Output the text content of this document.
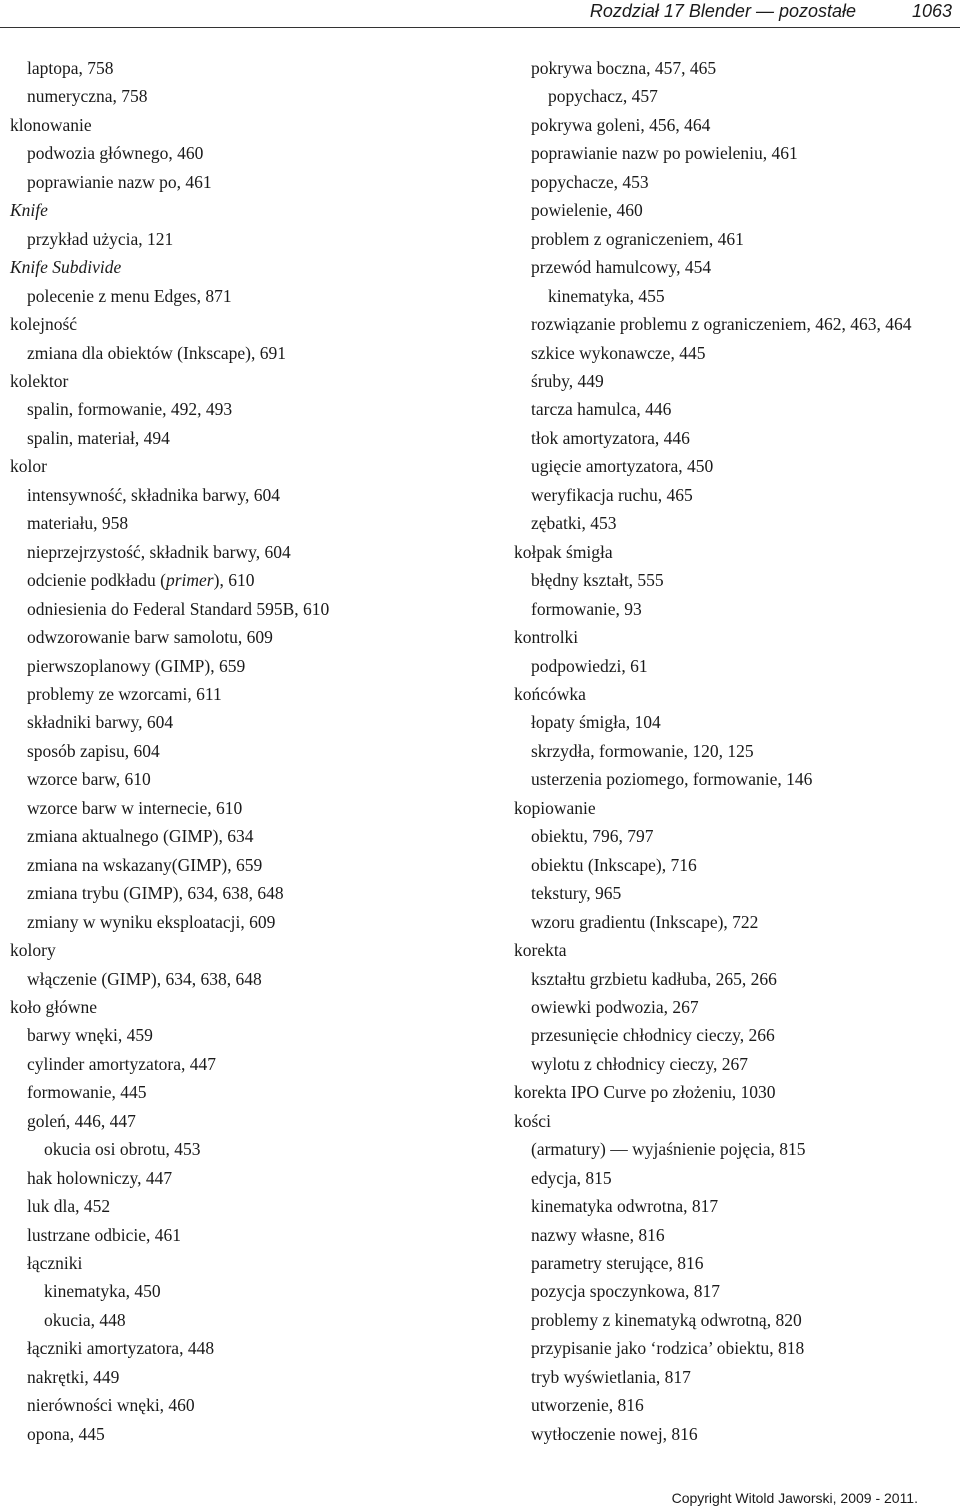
Rozdział 17 Blender — pozostałe	1063
laptopa, 758
numeryczna, 758
klonowanie
podwozia głównego, 460
poprawianie nazw po, 461
Knife
przykład użycia, 121
Knife Subdivide
polecenie z menu Edges, 871
kolejność
zmiana dla obiektów (Inkscape), 691
kolektor
spalin, formowanie, 492, 493
spalin, materiał, 494
kolor
intensywność, składnika barwy, 604
materiału, 958
nieprzejrzystość, składnik barwy, 604
odcienie podkładu (primer), 610
odniesienia do Federal Standard 595B, 610
odwzorowanie barw samolotu, 609
pierwszoplanowy (GIMP), 659
problemy ze wzorcami, 611
składniki barwy, 604
sposób zapisu, 604
wzorce barw, 610
wzorce barw w internecie, 610
zmiana aktualnego (GIMP), 634
zmiana na wskazany(GIMP), 659
zmiana trybu (GIMP), 634, 638, 648
zmiany w wyniku eksploatacji, 609
kolory
włączenie (GIMP), 634, 638, 648
koło główne
barwy wnęki, 459
cylinder amortyzatora, 447
formowanie, 445
goleń, 446, 447
okucia osi obrotu, 453
hak holowniczy, 447
luk dla, 452
lustrzane odbicie, 461
łączniki
kinematyka, 450
okucia, 448
łączniki amortyzatora, 448
nakrętki, 449
nierówności wnęki, 460
opona, 445
pokrywa boczna, 457, 465
popychacz, 457
pokrywa goleni, 456, 464
poprawianie nazw po powieleniu, 461
popychacze, 453
powielenie, 460
problem z ograniczeniem, 461
przewód hamulcowy, 454
kinematyka, 455
rozwiązanie problemu z ograniczeniem, 462, 463, 464
szkice wykonawcze, 445
śruby, 449
tarcza hamulca, 446
tłok amortyzatora, 446
ugięcie amortyzatora, 450
weryfikacja ruchu, 465
zębatki, 453
kołpak śmigła
błędny kształt, 555
formowanie, 93
kontrolki
podpowiedzi, 61
końcówka
łopaty śmigła, 104
skrzydła, formowanie, 120, 125
usterzenia poziomego, formowanie, 146
kopiowanie
obiektu, 796, 797
obiektu (Inkscape), 716
tekstury, 965
wzoru gradientu (Inkscape), 722
korekta
kształtu grzbietu kadłuba, 265, 266
owiewki podwozia, 267
przesunięcie chłodnicy cieczy, 266
wylotu z chłodnicy cieczy, 267
korekta IPO Curve po złożeniu, 1030
kości
(armatury) — wyjaśnienie pojęcia, 815
edycja, 815
kinematyka odwrotna, 817
nazwy własne, 816
parametry sterujące, 816
pozycja spoczynkowa, 817
problemy z kinematyką odwrotną, 820
przypisanie jako ‘rodzica’ obiektu, 818
tryb wyświetlania, 817
utworzenie, 816
wytłoczenie nowej, 816
Copyright Witold Jaworski, 2009 - 2011.
